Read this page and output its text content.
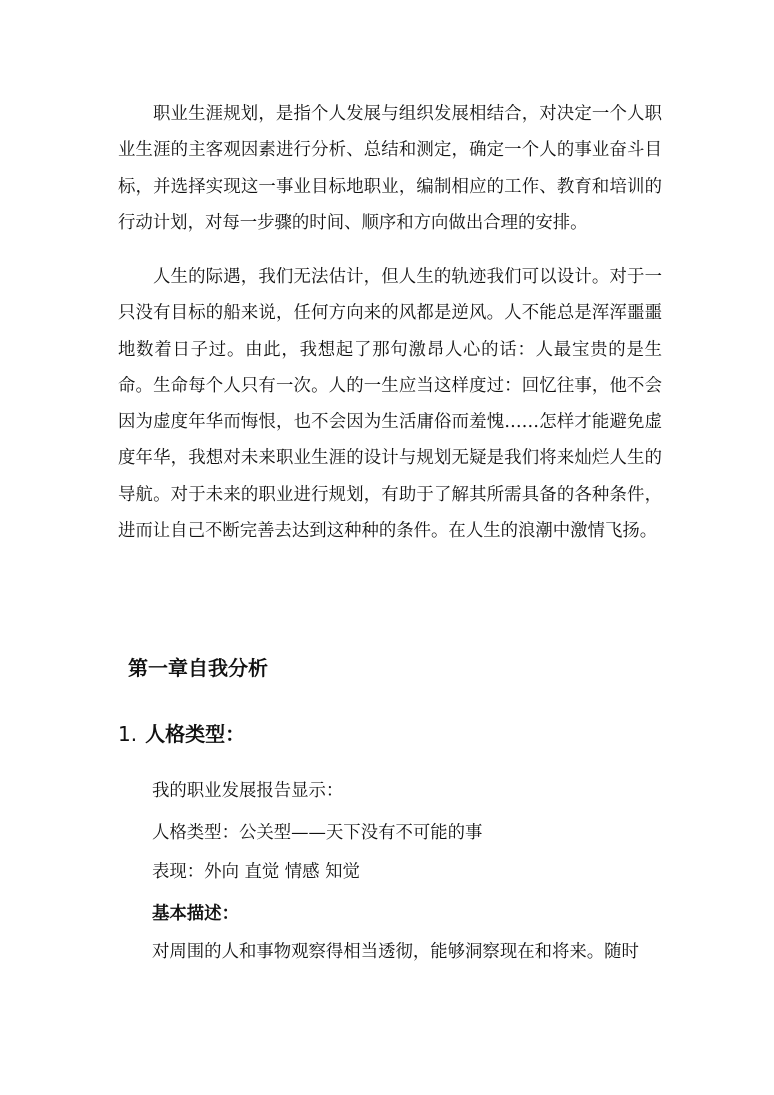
职业生涯规划，是指个人发展与组织发展相结合，对决定一个人职业生涯的主客观因素进行分析、总结和测定，确定一个人的事业奋斗目标，并选择实现这一事业目标地职业，编制相应的工作、教育和培训的行动计划，对每一步骤的时间、顺序和方向做出合理的安排。

人生的际遇，我们无法估计，但人生的轨迹我们可以设计。对于一只没有目标的船来说，任何方向来的风都是逆风。人不能总是浑浑噩噩地数着日子过。由此，我想起了那句激昂人心的话：人最宝贵的是生命。生命每个人只有一次。人的一生应当这样度过：回忆往事，他不会因为虚度年华而悔恨，也不会因为生活庸俗而羞愧……怎样才能避免虚度年华，我想对未来职业生涯的设计与规划无疑是我们将来灿烂人生的导航。对于未来的职业进行规划，有助于了解其所需具备的各种条件，进而让自己不断完善去达到这种种的条件。在人生的浪潮中激情飞扬。

第一章自我分析
1. 人格类型：

我的职业发展报告显示：

人格类型：公关型——天下没有不可能的事

表现：外向 直觉 情感 知觉

基本描述：

对周围的人和事物观察得相当透彻，能够洞察现在和将来。随时
